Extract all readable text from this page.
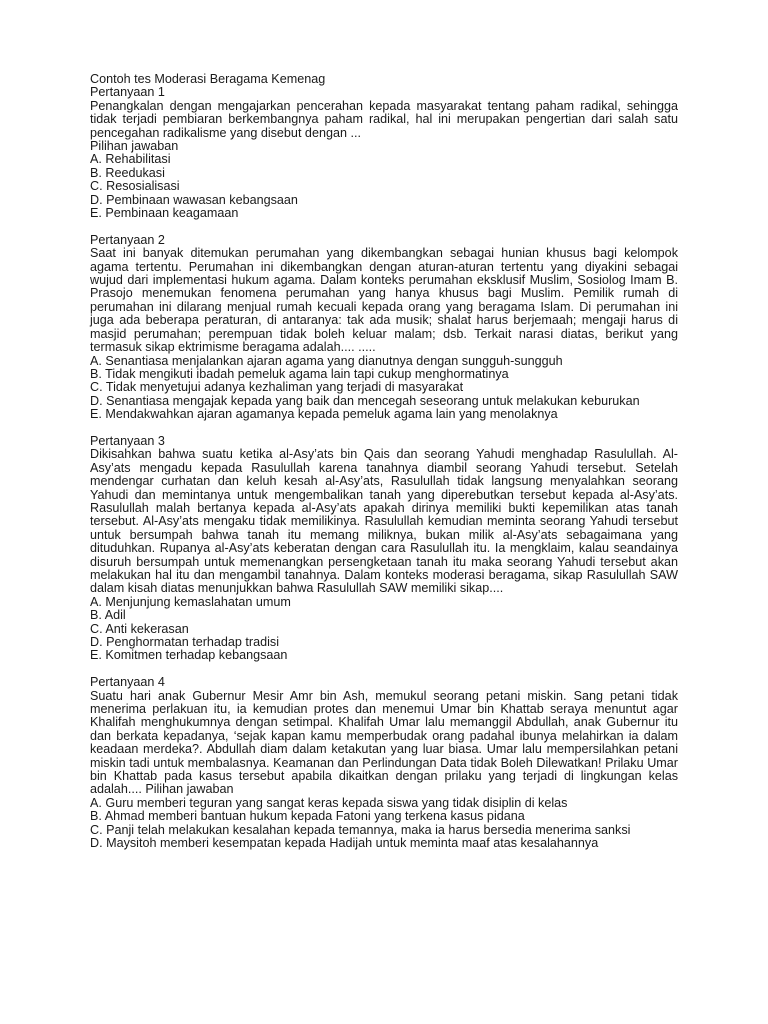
Contoh tes Moderasi Beragama Kemenag
Pertanyaan 1
Penangkalan dengan mengajarkan pencerahan kepada masyarakat tentang paham radikal, sehingga tidak terjadi pembiaran berkembangnya paham radikal, hal ini merupakan pengertian dari salah satu pencegahan radikalisme yang disebut dengan ...
Pilihan jawaban
A. Rehabilitasi
B. Reedukasi
C. Resosialisasi
D. Pembinaan wawasan kebangsaan
E. Pembinaan keagamaan
Pertanyaan 2
Saat ini banyak ditemukan perumahan yang dikembangkan sebagai hunian khusus bagi kelompok agama tertentu. Perumahan ini dikembangkan dengan aturan-aturan tertentu yang diyakini sebagai wujud dari implementasi hukum agama. Dalam konteks perumahan eksklusif Muslim, Sosiolog Imam B. Prasojo menemukan fenomena perumahan yang hanya khusus bagi Muslim. Pemilik rumah di perumahan ini dilarang menjual rumah kecuali kepada orang yang beragama Islam. Di perumahan ini juga ada beberapa peraturan, di antaranya: tak ada musik; shalat harus berjemaah; mengaji harus di masjid perumahan; perempuan tidak boleh keluar malam; dsb. Terkait narasi diatas, berikut yang termasuk sikap ektrimisme beragama adalah.... .....
A. Senantiasa menjalankan ajaran agama yang dianutnya dengan sungguh-sungguh
B. Tidak mengikuti ibadah pemeluk agama lain tapi cukup menghormatinya
C. Tidak menyetujui adanya kezhaliman yang terjadi di masyarakat
D. Senantiasa mengajak kepada yang baik dan mencegah seseorang untuk melakukan keburukan
E. Mendakwahkan ajaran agamanya kepada pemeluk agama lain yang menolaknya
Pertanyaan 3
Dikisahkan bahwa suatu ketika al-Asy’ats bin Qais dan seorang Yahudi menghadap Rasulullah. Al-Asy’ats mengadu kepada Rasulullah karena tanahnya diambil seorang Yahudi tersebut. Setelah mendengar curhatan dan keluh kesah al-Asy’ats, Rasulullah tidak langsung menyalahkan seorang Yahudi dan memintanya untuk mengembalikan tanah yang diperebutkan tersebut kepada al-Asy’ats. Rasulullah malah bertanya kepada al-Asy’ats apakah dirinya memiliki bukti kepemilikan atas tanah tersebut. Al-Asy’ats mengaku tidak memilikinya. Rasulullah kemudian meminta seorang Yahudi tersebut untuk bersumpah bahwa tanah itu memang miliknya, bukan milik al-Asy’ats sebagaimana yang dituduhkan. Rupanya al-Asy’ats keberatan dengan cara Rasulullah itu. Ia mengklaim, kalau seandainya disuruh bersumpah untuk memenangkan persengketaan tanah itu maka seorang Yahudi tersebut akan melakukan hal itu dan mengambil tanahnya. Dalam konteks moderasi beragama, sikap Rasulullah SAW dalam kisah diatas menunjukkan bahwa Rasulullah SAW memiliki sikap....
A. Menjunjung kemaslahatan umum
B. Adil
C. Anti kekerasan
D. Penghormatan terhadap tradisi
E. Komitmen terhadap kebangsaan
Pertanyaan 4
Suatu hari anak Gubernur Mesir Amr bin Ash, memukul seorang petani miskin. Sang petani tidak menerima perlakuan itu, ia kemudian protes dan menemui Umar bin Khattab seraya menuntut agar Khalifah menghukumnya dengan setimpal. Khalifah Umar lalu memanggil Abdullah, anak Gubernur itu dan berkata kepadanya, ‘sejak kapan kamu memperbudak orang padahal ibunya melahirkan ia dalam keadaan merdeka?. Abdullah diam dalam ketakutan yang luar biasa. Umar lalu mempersilahkan petani miskin tadi untuk membalasnya. Keamanan dan Perlindungan Data tidak Boleh Dilewatkan! Prilaku Umar bin Khattab pada kasus tersebut apabila dikaitkan dengan prilaku yang terjadi di lingkungan kelas adalah.... Pilihan jawaban
A. Guru memberi teguran yang sangat keras kepada siswa yang tidak disiplin di kelas
B. Ahmad memberi bantuan hukum kepada Fatoni yang terkena kasus pidana
C. Panji telah melakukan kesalahan kepada temannya, maka ia harus bersedia menerima sanksi
D. Maysitoh memberi kesempatan kepada Hadijah untuk meminta maaf atas kesalahannya
